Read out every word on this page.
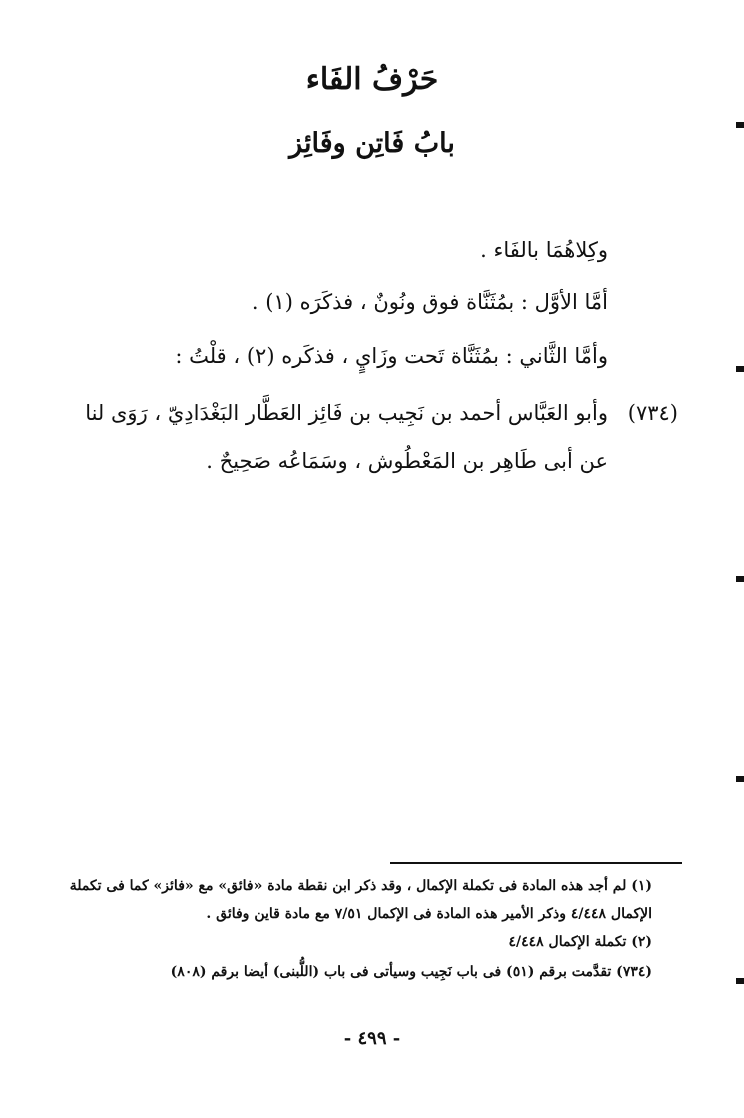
حَرْفُ الفَاء
بابُ فَاتِن وفَائِز
وكِلاهُمَا بالفَاء .
أمَّا الأوَّل : بمُثَنَّاة فوق ونُونٌ ، فذكَرَه (١) .
وأمَّا الثَّاني : بمُثَنَّاة تَحت وزَايٍ ، فذكَره (٢) ، قلْتُ :
(٧٣٤)
وأبو العَبَّاس أحمد بن نَجِيب بن فَائِز العَطَّار البَغْدَادِيّ ، رَوَى لنا
عن أبى طَاهِر بن المَعْطُوش ، وسَمَاعُه صَحِيحٌ .
(١) لم أجد هذه المادة فى تكملة الإكمال ، وقد ذكر ابن نقطة مادة «فائق» مع «فائز» كما فى تكملة
الإكمال ٤/٤٤٨ وذكر الأمير هذه المادة فى الإكمال ٧/٥١ مع مادة قاين وفائق .
(٢) تكملة الإكمال ٤/٤٤٨
(٧٣٤) تقدَّمت برقم (٥١) فى باب نَجِيب وسيأتى فى باب (اللُّبنى) أيضا برقم (٨٠٨)
- ٤٩٩ -
